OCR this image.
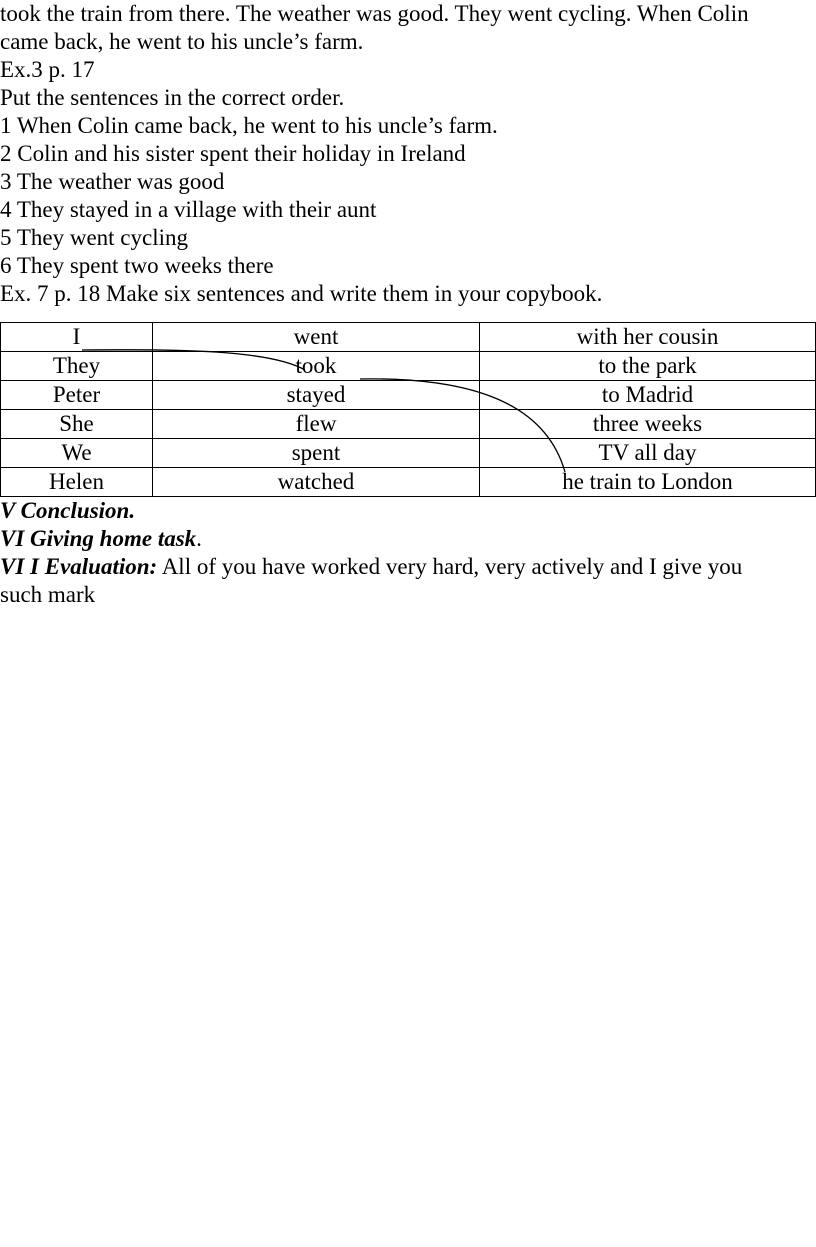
took the train from there. The weather was good. They went cycling. When Colin

came back, he went to his uncle’s farm.

Ex.3 p. 17

Put the sentences in the correct order.

1 When Colin came back, he went to his uncle’s farm.

2 Colin and his sister spent their holiday in Ireland

3 The weather was good

4 They stayed in a village with their aunt

5 They went cycling

6 They spent two weeks there

Ex. 7 p. 18 Make six sentences and write them in your copybook.

I	went	with her cousin
They	took	to the park
Peter	stayed	to Madrid
She	flew	three weeks
We	spent	TV all day
Helen	watched	he train to London

V Conclusion.

VI Giving home task.

VI I Evaluation: All of you have worked very hard, very actively and I give you

such mark
